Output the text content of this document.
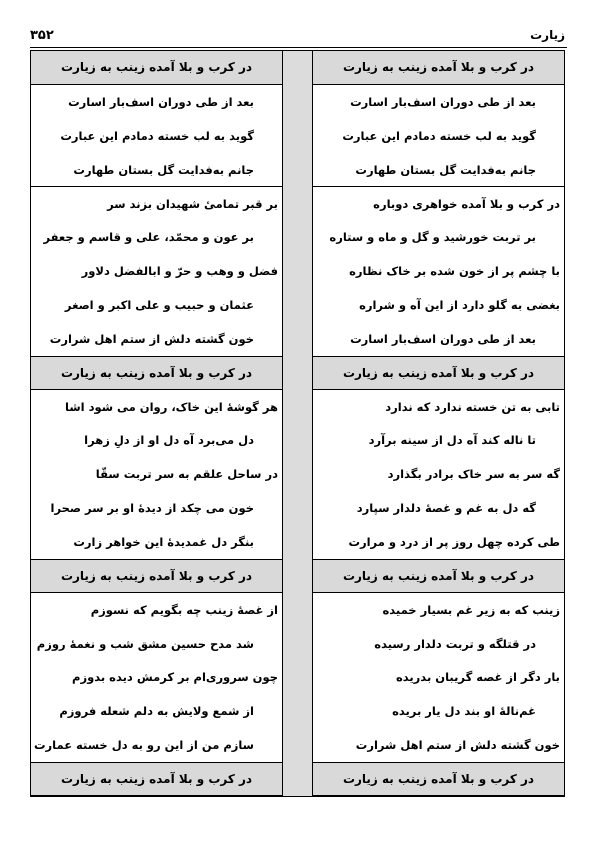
۳۵۲	زیارت
در کرب و بلا آمده زینب به زیارت
بعد از طی دوران اسف‌بار اسارت
گوید به لب خسته دمادم این عبارت
جانم به‌فدایت گل بستان طهارت
در کرب و بلا آمده خواهری دوباره
بر تربت خورشید و گل و ماه و ستاره
با چشم پر از خون شده بر خاک نظاره
بغضی به گلو دارد از این آه و شراره
بعد از طی دوران اسف‌بار اسارت
در کرب و بلا آمده زینب به زیارت
تابی به تن خسته ندارد که ندارد
تا ناله کند آه دل از سینه برآرد
گه سر به سر خاک برادر بگذارد
گه دل به غم و غصهٔ دلدار سپارد
طی کرده چهل روز پر از درد و مرارت
در کرب و بلا آمده زینب به زیارت
زینب که به زیر غم بسیار خمیده
در قتلگه و تربت دلدار رسیده
بار دگر از غصه گریبان بدریده
غم‌نالهٔ او بند دل یار بریده
خون گشته دلش از ستم اهل شرارت
در کرب و بلا آمده زینب به زیارت
در کرب و بلا آمده زینب به زیارت
بعد از طی دوران اسف‌بار اسارت
گوید به لب خسته دمادم این عبارت
جانم به‌فدایت گل بستان طهارت
بر قبر تمامیٔ شهیدان بزند سر
بر عون و محمّد، علی و قاسم و جعفر
فضل و وهب و حرّ و ابالفضل دلاور
عثمان و حبیب و علی اکبر و اصغر
خون گشته دلش از ستم اهل شرارت
در کرب و بلا آمده زینب به زیارت
هر گوشهٔ این خاک، روان می شود اشا
دل می‌برد آه دل او از دلِ زهرا
در ساحل علقم به سر تربت سقّا
خون می چکد از دیدهٔ او بر سر صحرا
بنگر دل غمدیدهٔ این خواهر زارت
در کرب و بلا آمده زینب به زیارت
از غصهٔ زینب چه بگویم که نسوزم
شد مدح حسین مشق شب و نغمهٔ روزم
چون سروری‌ام بر کرمش دیده بدوزم
از شمع ولایش به دلم شعله فروزم
سازم من از این رو به دل خسته عمارت
در کرب و بلا آمده زینب به زیارت
